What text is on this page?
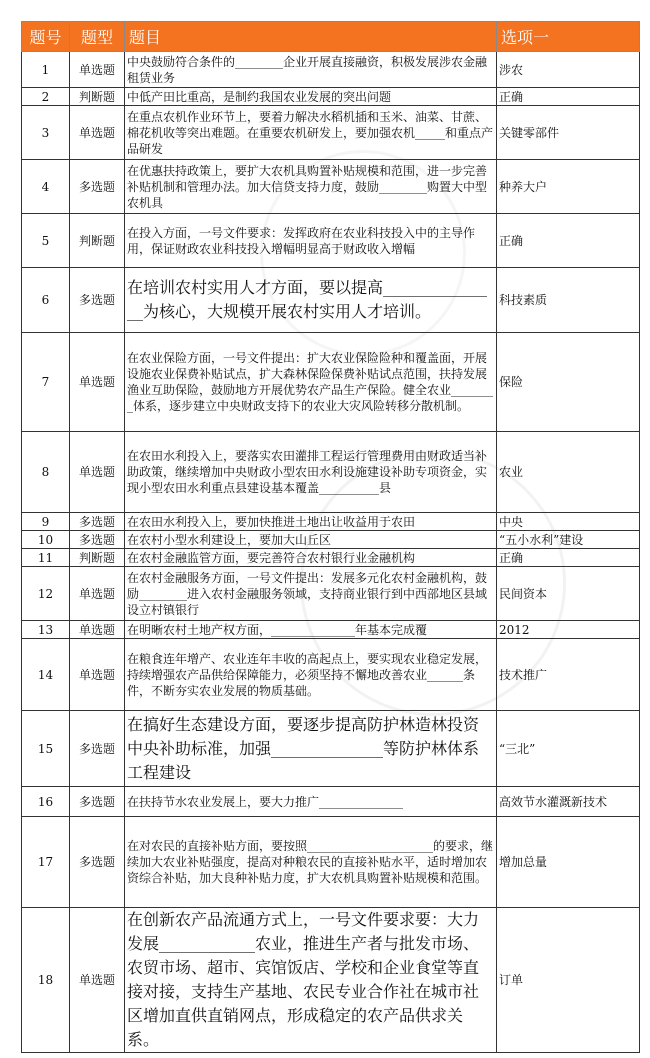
题号	题型	题目	选项一
1	单选题	中央鼓励符合条件的________企业开展直接融资，积极发展涉农金融租赁业务	涉农
2	判断题	中低产田比重高，是制约我国农业发展的突出问题	正确
3	单选题	在重点农机作业环节上，要着力解决水稻机插和玉米、油菜、甘蔗、棉花机收等突出难题。在重要农机研发上，要加强农机_____和重点产品研发	关键零部件
4	多选题	在优惠扶持政策上，要扩大农机具购置补贴规模和范围，进一步完善补贴机制和管理办法。加大信贷支持力度，鼓励________购置大中型农机具	种养大户
5	判断题	在投入方面，一号文件要求：发挥政府在农业科技投入中的主导作用，保证财政农业科技投入增幅明显高于财政收入增幅	正确
6	多选题	在培训农村实用人才方面，要以提高_______________为核心，大规模开展农村实用人才培训。	科技素质
7	单选题	在农业保险方面，一号文件提出：扩大农业保险险种和覆盖面，开展设施农业保费补贴试点，扩大森林保险保费补贴试点范围，扶持发展渔业互助保险，鼓励地方开展优势农产品生产保险。健全农业________体系，逐步建立中央财政支持下的农业大灾风险转移分散机制。	保险
8	单选题	在农田水利投入上，要落实农田灌排工程运行管理费用由财政适当补助政策，继续增加中央财政小型农田水利设施建设补助专项资金，实现小型农田水利重点县建设基本覆盖__________县	农业
9	多选题	在农田水利投入上，要加快推进土地出让收益用于农田	中央
10	多选题	在农村小型水利建设上，要加大山丘区	“五小水利”建设
11	判断题	在农村金融监管方面，要完善符合农村银行业金融机构	正确
12	单选题	在农村金融服务方面，一号文件提出：发展多元化农村金融机构，鼓励________进入农村金融服务领域，支持商业银行到中西部地区县域设立村镇银行	民间资本
13	单选题	在明晰农村土地产权方面，______________年基本完成覆	2012
14	单选题	在粮食连年增产、农业连年丰收的高起点上，要实现农业稳定发展，持续增强农产品供给保障能力，必须坚持不懈地改善农业______条件，不断夯实农业发展的物质基础。	技术推广
15	多选题	在搞好生态建设方面，要逐步提高防护林造林投资中央补助标准，加强______________等防护林体系工程建设	“三北”
16	多选题	在扶持节水农业发展上，要大力推广______________	高效节水灌溉新技术
17	多选题	在对农民的直接补贴方面，要按照_____________________的要求，继续加大农业补贴强度，提高对种粮农民的直接补贴水平，适时增加农资综合补贴，加大良种补贴力度，扩大农机具购置补贴规模和范围。	增加总量
18	单选题	在创新农产品流通方式上，一号文件要求要：大力发展____________农业，推进生产者与批发市场、农贸市场、超市、宾馆饭店、学校和企业食堂等直接对接，支持生产基地、农民专业合作社在城市社区增加直供直销网点，形成稳定的农产品供求关系。	订单
